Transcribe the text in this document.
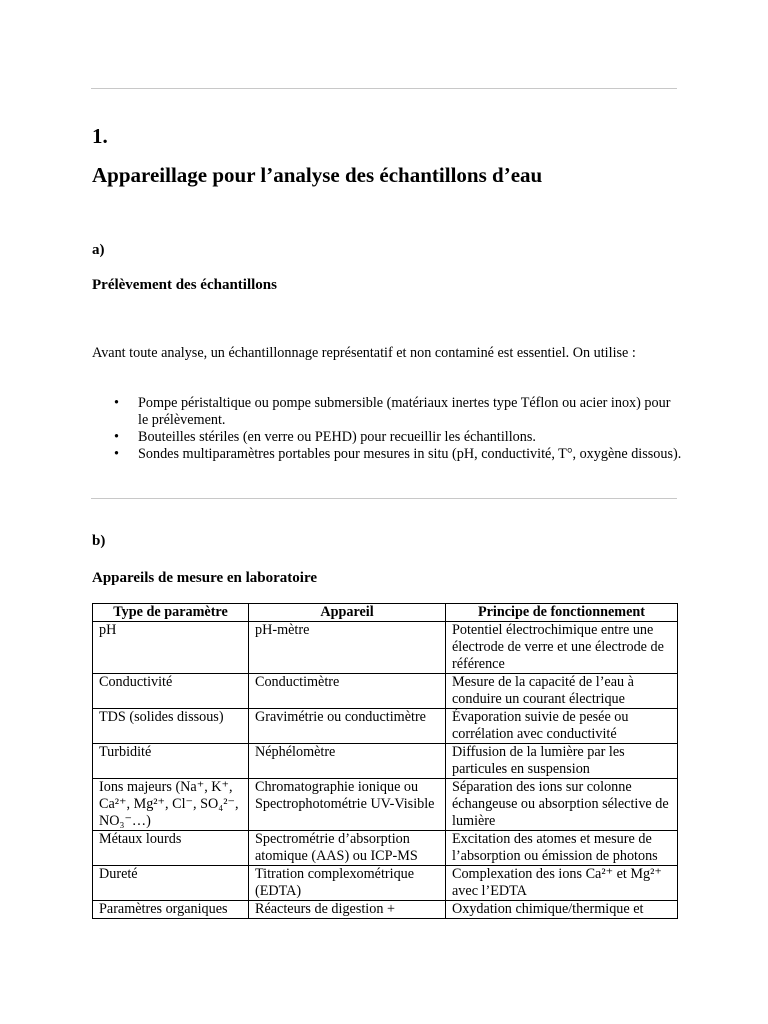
1.

Appareillage pour l’analyse des échantillons d’eau

a)

Prélèvement des échantillons

Avant toute analyse, un échantillonnage représentatif et non contaminé est essentiel. On utilise :

• Pompe péristaltique ou pompe submersible (matériaux inertes type Téflon ou acier inox) pour le prélèvement.
• Bouteilles stériles (en verre ou PEHD) pour recueillir les échantillons.
• Sondes multiparamètres portables pour mesures in situ (pH, conductivité, T°, oxygène dissous).

b)

Appareils de mesure en laboratoire

Type de paramètre	Appareil	Principe de fonctionnement
pH	pH-mètre	Potentiel électrochimique entre une électrode de verre et une électrode de référence
Conductivité	Conductimètre	Mesure de la capacité de l’eau à conduire un courant électrique
TDS (solides dissous)	Gravimétrie ou conductimètre	Évaporation suivie de pesée ou corrélation avec conductivité
Turbidité	Néphélomètre	Diffusion de la lumière par les particules en suspension
Ions majeurs (Na⁺, K⁺, Ca²⁺, Mg²⁺, Cl⁻, SO₄²⁻, NO₃⁻…)	Chromatographie ionique ou Spectrophotométrie UV-Visible	Séparation des ions sur colonne échangeuse ou absorption sélective de lumière
Métaux lourds	Spectrométrie d’absorption atomique (AAS) ou ICP-MS	Excitation des atomes et mesure de l’absorption ou émission de photons
Dureté	Titration complexométrique (EDTA)	Complexation des ions Ca²⁺ et Mg²⁺ avec l’EDTA
Paramètres organiques	Réacteurs de digestion +	Oxydation chimique/thermique et
